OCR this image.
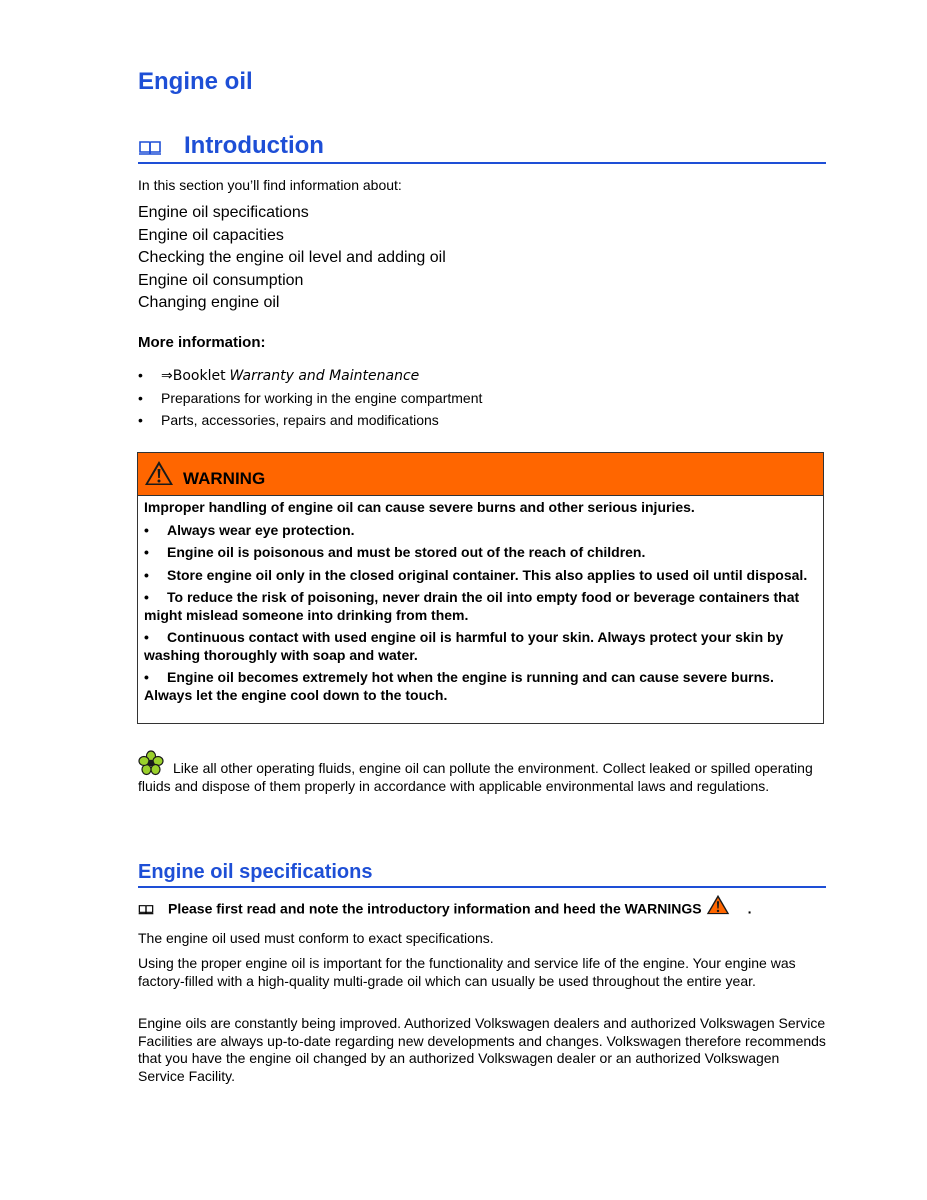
Engine oil
Introduction
In this section you’ll find information about:
Engine oil specifications
Engine oil capacities
Checking the engine oil level and adding oil
Engine oil consumption
Changing engine oil
More information:
• ⇒Booklet Warranty and Maintenance
• Preparations for working in the engine compartment
• Parts, accessories, repairs and modifications
WARNING

Improper handling of engine oil can cause severe burns and other serious injuries.

• Always wear eye protection.
• Engine oil is poisonous and must be stored out of the reach of children.
• Store engine oil only in the closed original container. This also applies to used oil until disposal.
• To reduce the risk of poisoning, never drain the oil into empty food or beverage containers that might mislead someone into drinking from them.
• Continuous contact with used engine oil is harmful to your skin. Always protect your skin by washing thoroughly with soap and water.
• Engine oil becomes extremely hot when the engine is running and can cause severe burns. Always let the engine cool down to the touch.

Like all other operating fluids, engine oil can pollute the environment. Collect leaked or spilled operating fluids and dispose of them properly in accordance with applicable environmental laws and regulations.

Engine oil specifications
Please first read and note the introductory information and heed the WARNINGS	.

The engine oil used must conform to exact specifications.

Using the proper engine oil is important for the functionality and service life of the engine. Your engine was factory-filled with a high-quality multi-grade oil which can usually be used throughout the entire year.

Engine oils are constantly being improved. Authorized Volkswagen dealers and authorized Volkswagen Service Facilities are always up-to-date regarding new developments and changes. Volkswagen therefore recommends that you have the engine oil changed by an authorized Volkswagen dealer or an authorized Volkswagen Service Facility.
